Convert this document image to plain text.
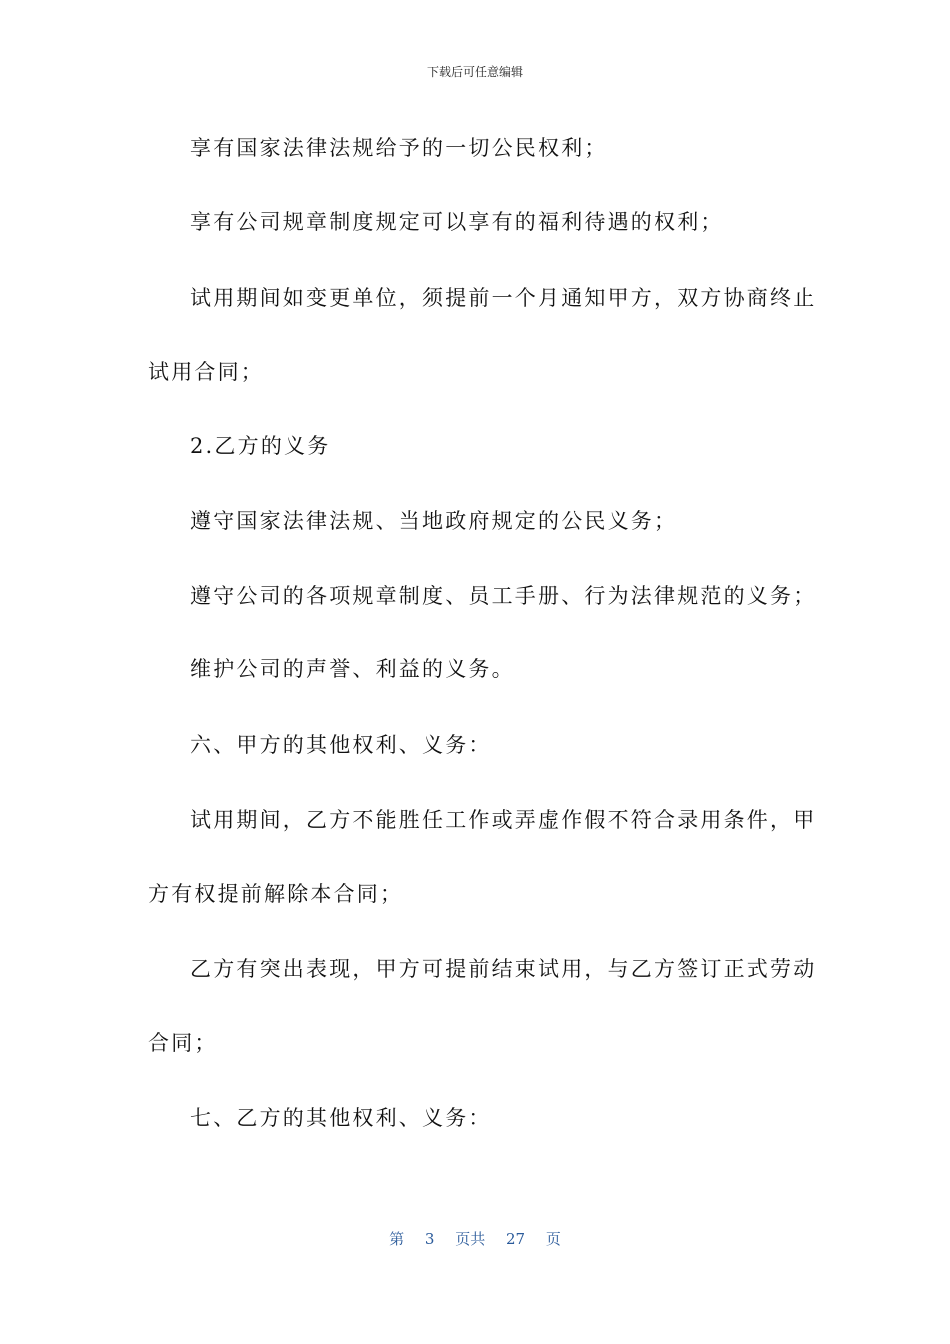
下载后可任意编辑
享有国家法律法规给予的一切公民权利；
享有公司规章制度规定可以享有的福利待遇的权利；
试用期间如变更单位，须提前一个月通知甲方，双方协商终止
试用合同；
2.乙方的义务
遵守国家法律法规、当地政府规定的公民义务；
遵守公司的各项规章制度、员工手册、行为法律规范的义务；
维护公司的声誉、利益的义务。
六、甲方的其他权利、义务：
试用期间，乙方不能胜任工作或弄虚作假不符合录用条件，甲
方有权提前解除本合同；
乙方有突出表现，甲方可提前结束试用，与乙方签订正式劳动
合同；
七、乙方的其他权利、义务：
第 3 页共 27 页
